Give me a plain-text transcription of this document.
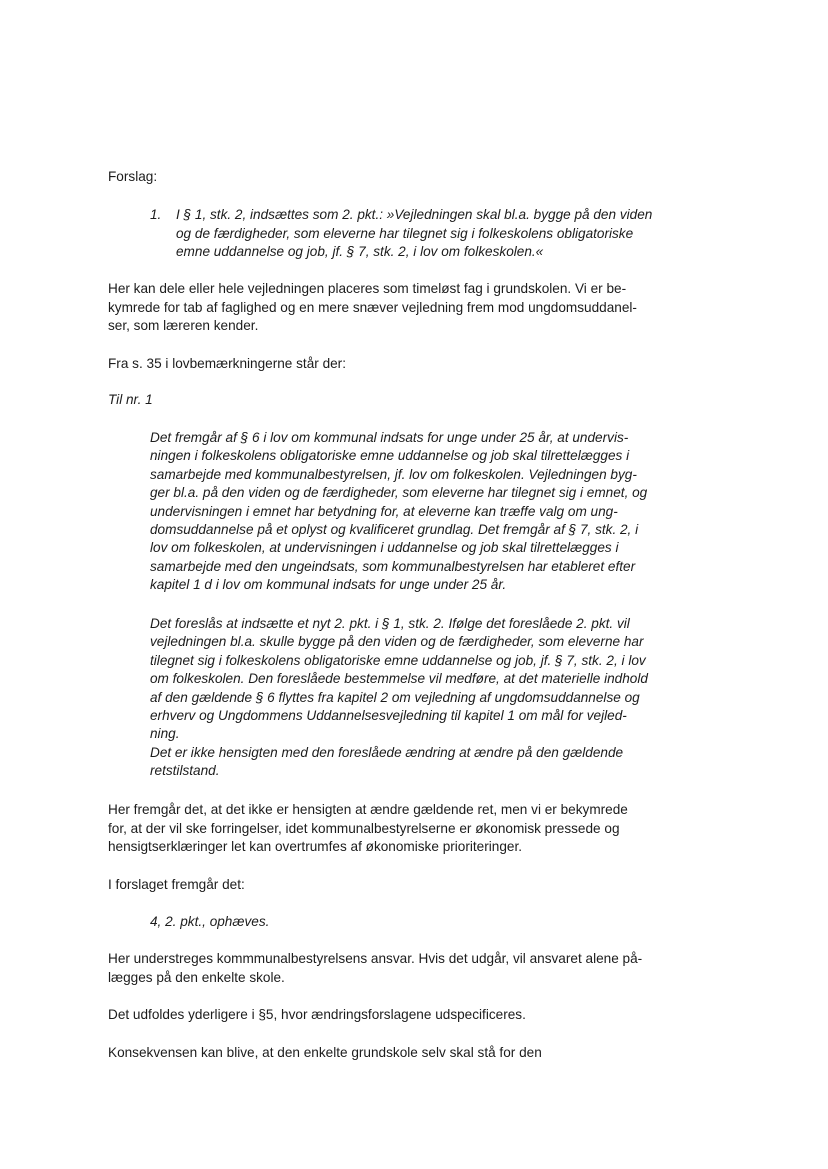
Forslag:

1. I § 1, stk. 2, indsættes som 2. pkt.: »Vejledningen skal bl.a. bygge på den viden
og de færdigheder, som eleverne har tilegnet sig i folkeskolens obligatoriske
emne uddannelse og job, jf. § 7, stk. 2, i lov om folkeskolen.«

Her kan dele eller hele vejledningen placeres som timeløst fag i grundskolen. Vi er be-
kymrede for tab af faglighed og en mere snæver vejledning frem mod ungdomsuddanel-
ser, som læreren kender.

Fra s. 35 i lovbemærkningerne står der:

Til nr. 1

Det fremgår af § 6 i lov om kommunal indsats for unge under 25 år, at undervis-
ningen i folkeskolens obligatoriske emne uddannelse og job skal tilrettelægges i
samarbejde med kommunalbestyrelsen, jf. lov om folkeskolen. Vejledningen byg-
ger bl.a. på den viden og de færdigheder, som eleverne har tilegnet sig i emnet, og
undervisningen i emnet har betydning for, at eleverne kan træffe valg om ung-
domsuddannelse på et oplyst og kvalificeret grundlag. Det fremgår af § 7, stk. 2, i
lov om folkeskolen, at undervisningen i uddannelse og job skal tilrettelægges i
samarbejde med den ungeindsats, som kommunalbestyrelsen har etableret efter
kapitel 1 d i lov om kommunal indsats for unge under 25 år.

Det foreslås at indsætte et nyt 2. pkt. i § 1, stk. 2. Ifølge det foreslåede 2. pkt. vil
vejledningen bl.a. skulle bygge på den viden og de færdigheder, som eleverne har
tilegnet sig i folkeskolens obligatoriske emne uddannelse og job, jf. § 7, stk. 2, i lov
om folkeskolen. Den foreslåede bestemmelse vil medføre, at det materielle indhold
af den gældende § 6 flyttes fra kapitel 2 om vejledning af ungdomsuddannelse og
erhverv og Ungdommens Uddannelsesvejledning til kapitel 1 om mål for vejled-
ning.
Det er ikke hensigten med den foreslåede ændring at ændre på den gældende
retstilstand.

Her fremgår det, at det ikke er hensigten at ændre gældende ret, men vi er bekymrede
for, at der vil ske forringelser, idet kommunalbestyrelserne er økonomisk pressede og
hensigtserklæringer let kan overtrumfes af økonomiske prioriteringer.

I forslaget fremgår det:

4, 2. pkt., ophæves.

Her understreges kommmunalbestyrelsens ansvar. Hvis det udgår, vil ansvaret alene på-
lægges på den enkelte skole.

Det udfoldes yderligere i §5, hvor ændringsforslagene udspecificeres.

Konsekvensen kan blive, at den enkelte grundskole selv skal stå for den
